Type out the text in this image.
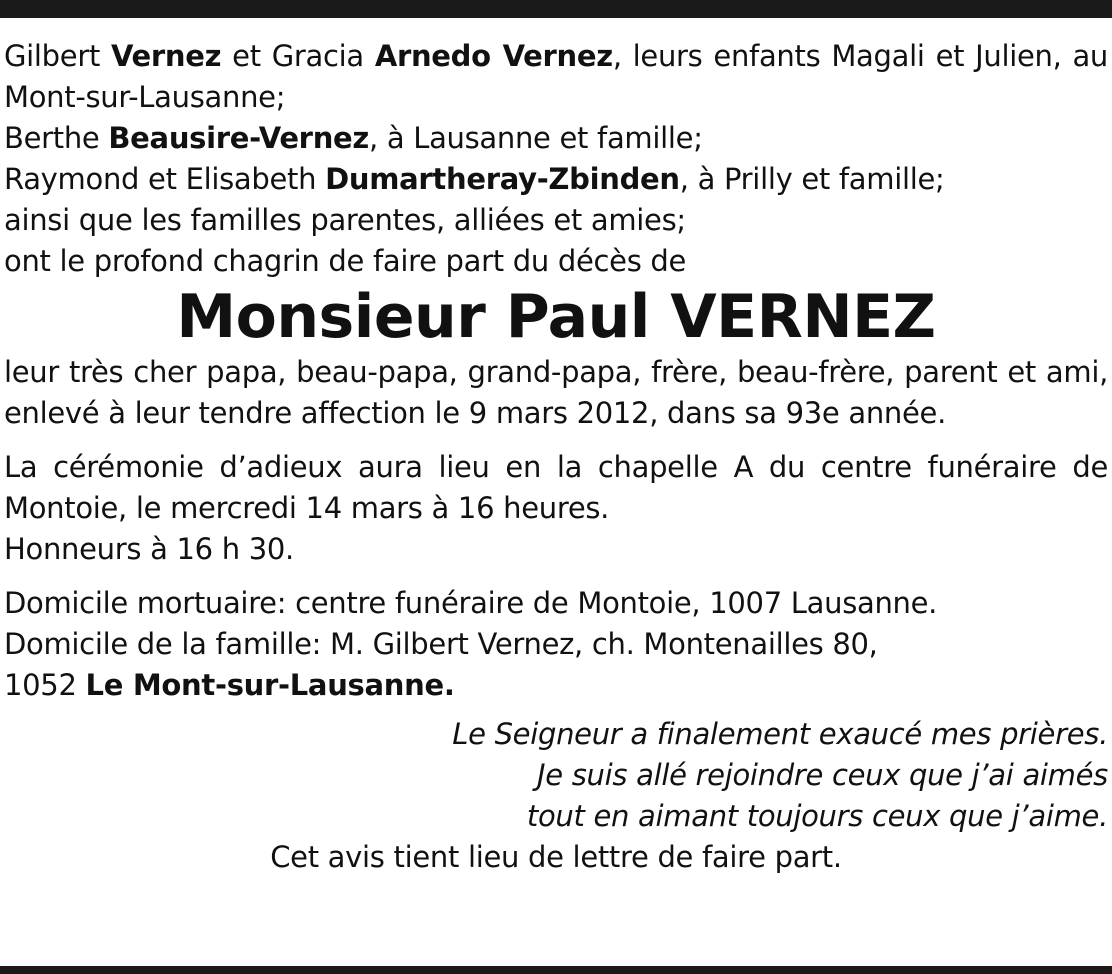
Gilbert Vernez et Gracia Arnedo Vernez, leurs enfants Magali et Julien, au Mont-sur-Lausanne;

Berthe Beausire-Vernez, à Lausanne et famille;

Raymond et Elisabeth Dumartheray-Zbinden, à Prilly et famille;

ainsi que les familles parentes, alliées et amies;

ont le profond chagrin de faire part du décès de

Monsieur Paul VERNEZ

leur très cher papa, beau-papa, grand-papa, frère, beau-frère, parent et ami, enlevé à leur tendre affection le 9 mars 2012, dans sa 93e année.

La cérémonie d’adieux aura lieu en la chapelle A du centre funéraire de Montoie, le mercredi 14 mars à 16 heures.

Honneurs à 16 h 30.

Domicile mortuaire: centre funéraire de Montoie, 1007 Lausanne.

Domicile de la famille: M. Gilbert Vernez, ch. Montenailles 80,

1052 Le Mont-sur-Lausanne.

Le Seigneur a finalement exaucé mes prières.

Je suis allé rejoindre ceux que j’ai aimés

tout en aimant toujours ceux que j’aime.

Cet avis tient lieu de lettre de faire part.
